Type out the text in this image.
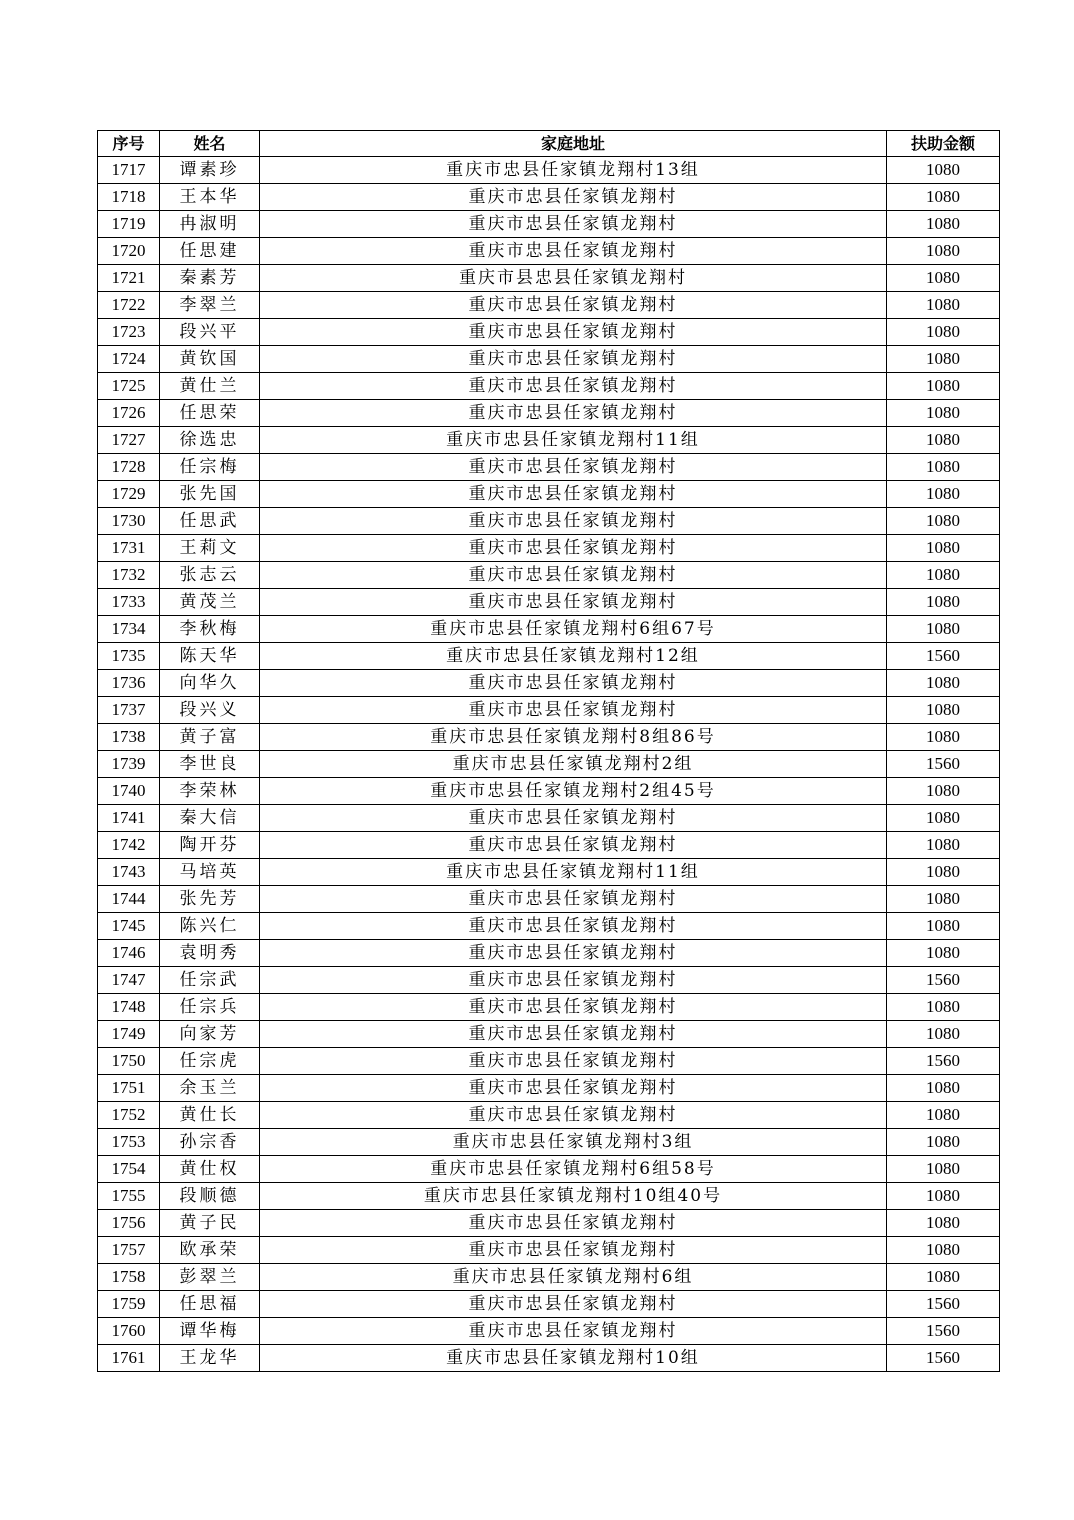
序号	姓名	家庭地址	扶助金额
1717	谭素珍	重庆市忠县任家镇龙翔村13组	1080
1718	王本华	重庆市忠县任家镇龙翔村	1080
1719	冉淑明	重庆市忠县任家镇龙翔村	1080
1720	任思建	重庆市忠县任家镇龙翔村	1080
1721	秦素芳	重庆市县忠县任家镇龙翔村	1080
1722	李翠兰	重庆市忠县任家镇龙翔村	1080
1723	段兴平	重庆市忠县任家镇龙翔村	1080
1724	黄钦国	重庆市忠县任家镇龙翔村	1080
1725	黄仕兰	重庆市忠县任家镇龙翔村	1080
1726	任思荣	重庆市忠县任家镇龙翔村	1080
1727	徐选忠	重庆市忠县任家镇龙翔村11组	1080
1728	任宗梅	重庆市忠县任家镇龙翔村	1080
1729	张先国	重庆市忠县任家镇龙翔村	1080
1730	任思武	重庆市忠县任家镇龙翔村	1080
1731	王莉文	重庆市忠县任家镇龙翔村	1080
1732	张志云	重庆市忠县任家镇龙翔村	1080
1733	黄茂兰	重庆市忠县任家镇龙翔村	1080
1734	李秋梅	重庆市忠县任家镇龙翔村6组67号	1080
1735	陈天华	重庆市忠县任家镇龙翔村12组	1560
1736	向华久	重庆市忠县任家镇龙翔村	1080
1737	段兴义	重庆市忠县任家镇龙翔村	1080
1738	黄子富	重庆市忠县任家镇龙翔村8组86号	1080
1739	李世良	重庆市忠县任家镇龙翔村2组	1560
1740	李荣林	重庆市忠县任家镇龙翔村2组45号	1080
1741	秦大信	重庆市忠县任家镇龙翔村	1080
1742	陶开芬	重庆市忠县任家镇龙翔村	1080
1743	马培英	重庆市忠县任家镇龙翔村11组	1080
1744	张先芳	重庆市忠县任家镇龙翔村	1080
1745	陈兴仁	重庆市忠县任家镇龙翔村	1080
1746	袁明秀	重庆市忠县任家镇龙翔村	1080
1747	任宗武	重庆市忠县任家镇龙翔村	1560
1748	任宗兵	重庆市忠县任家镇龙翔村	1080
1749	向家芳	重庆市忠县任家镇龙翔村	1080
1750	任宗虎	重庆市忠县任家镇龙翔村	1560
1751	余玉兰	重庆市忠县任家镇龙翔村	1080
1752	黄仕长	重庆市忠县任家镇龙翔村	1080
1753	孙宗香	重庆市忠县任家镇龙翔村3组	1080
1754	黄仕权	重庆市忠县任家镇龙翔村6组58号	1080
1755	段顺德	重庆市忠县任家镇龙翔村10组40号	1080
1756	黄子民	重庆市忠县任家镇龙翔村	1080
1757	欧承荣	重庆市忠县任家镇龙翔村	1080
1758	彭翠兰	重庆市忠县任家镇龙翔村6组	1080
1759	任思福	重庆市忠县任家镇龙翔村	1560
1760	谭华梅	重庆市忠县任家镇龙翔村	1560
1761	王龙华	重庆市忠县任家镇龙翔村10组	1560
